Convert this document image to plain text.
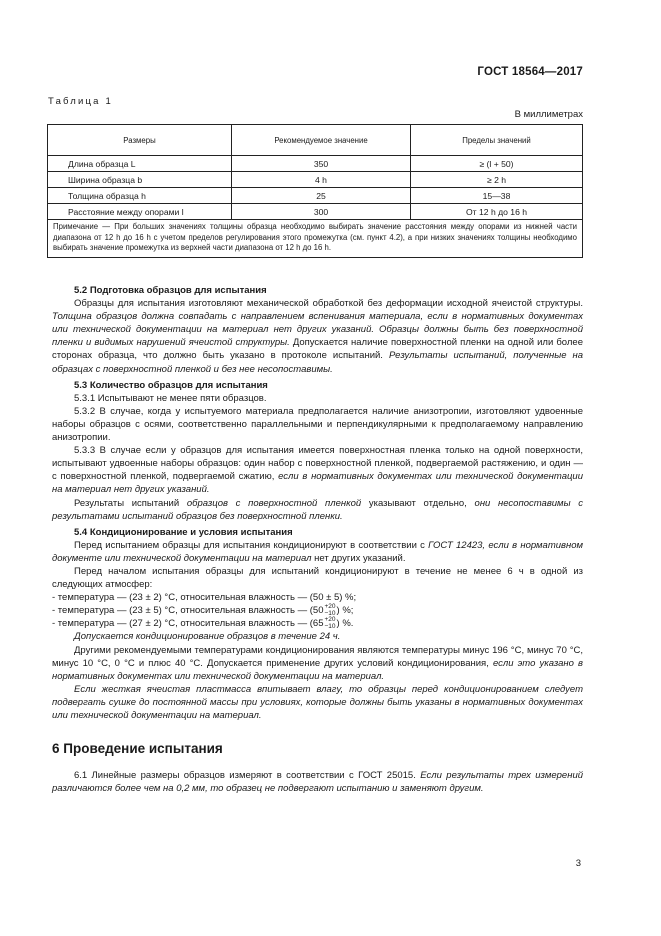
ГОСТ 18564—2017
Таблица 1
В миллиметрах
Размеры	Рекомендуемое значение	Пределы значений
Длина образца L	350	≥ (l + 50)
Ширина образца b	4 h	≥ 2 h
Толщина образца h	25	15—38
Расстояние между опорами l	300	От 12 h до 16 h
Примечание — При больших значениях толщины образца необходимо выбирать значение расстояния между опорами из нижней части диапазона от 12 h до 16 h с учетом пределов регулирования этого промежутка (см. пункт 4.2), а при низких значениях толщины необходимо выбирать значение промежутка из верхней части диапазона от 12 h до 16 h.		

5.2 Подготовка образцов для испытания

Образцы для испытания изготовляют механической обработкой без деформации исходной ячеистой структуры. Толщина образцов должна совпадать с направлением вспенивания материала, если в нормативных документах или технической документации на материал нет других указаний. Образцы должны быть без поверхностной пленки и видимых нарушений ячеистой структуры. Допускается наличие поверхностной пленки на одной или более сторонах образца, что должно быть указано в протоколе испытаний. Результаты испытаний, полученные на образцах с поверхностной пленкой и без нее несопоставимы.

5.3 Количество образцов для испытания

5.3.1 Испытывают не менее пяти образцов.

5.3.2 В случае, когда у испытуемого материала предполагается наличие анизотропии, изготовляют удвоенные наборы образцов с осями, соответственно параллельными и перпендикулярными к предполагаемому направлению анизотропии.

5.3.3 В случае если у образцов для испытания имеется поверхностная пленка только на одной поверхности, испытывают удвоенные наборы образцов: один набор с поверхностной пленкой, подвергаемой растяжению, и один — с поверхностной пленкой, подвергаемой сжатию, если в нормативных документах или технической документации на материал нет других указаний.

Результаты испытаний образцов с поверхностной пленкой указывают отдельно, они несопоставимы с результатами испытаний образцов без поверхностной пленки.

5.4 Кондиционирование и условия испытания

Перед испытанием образцы для испытания кондиционируют в соответствии с ГОСТ 12423, если в нормативном документе или технической документации на материал нет других указаний.

Перед началом испытания образцы для испытаний кондиционируют в течение не менее 6 ч в одной из следующих атмосфер:

- температура — (23 ± 2) °С, относительная влажность — (50 ± 5) %;

- температура — (23 ± 5) °С, относительная влажность — (50 +20
−10 ) %;

- температура — (27 ± 2) °С, относительная влажность — (65 +20
−10 ) %.

Допускается кондиционирование образцов в течение 24 ч.

Другими рекомендуемыми температурами кондиционирования являются температуры минус 196 °С, минус 70 °С, минус 10 °С, 0 °С и плюс 40 °С. Допускается применение других условий кондиционирования, если это указано в нормативных документах или технической документации на материал.

Если жесткая ячеистая пластмасса впитывает влагу, то образцы перед кондиционированием следует подвергать сушке до постоянной массы при условиях, которые должны быть указаны в нормативных документах или технической документации на материал.

6 Проведение испытания

6.1 Линейные размеры образцов измеряют в соответствии с ГОСТ 25015. Если результаты трех измерений различаются более чем на 0,2 мм, то образец не подвергают испытанию и заменяют другим.

3
